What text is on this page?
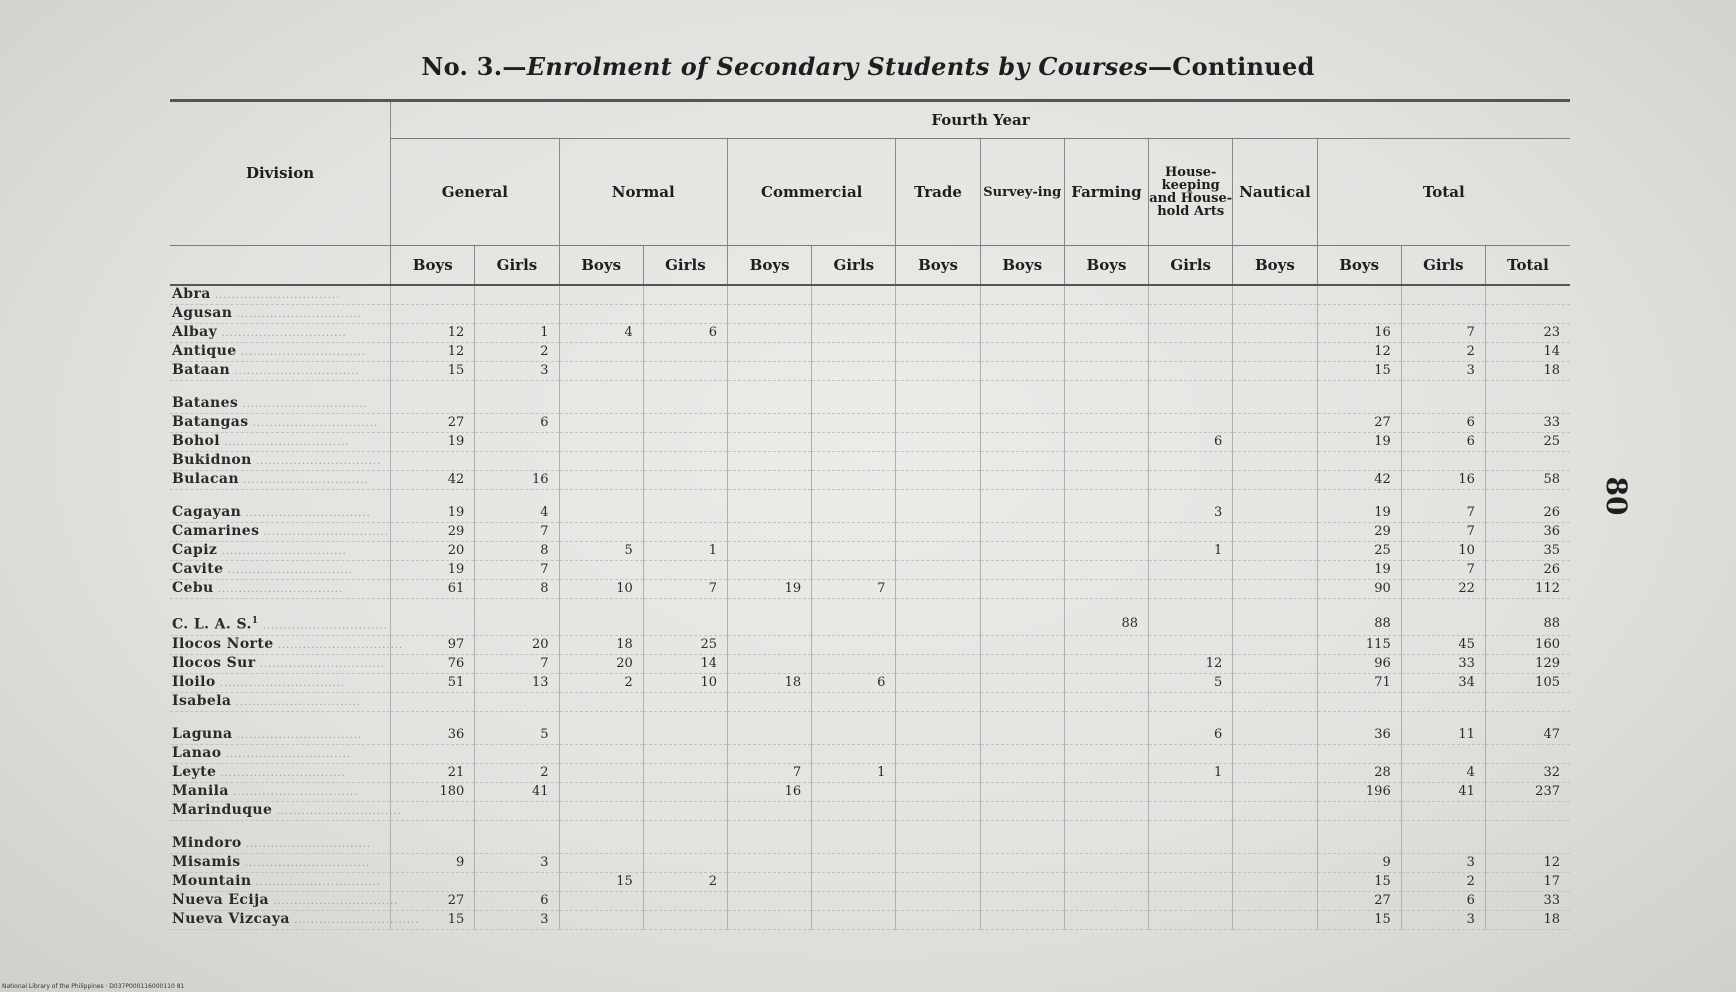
No. 3.—Enrolment of Secondary Students by Courses—Continued
Division	Fourth Year													
	General		Normal		Commercial		Trade	Survey-ing	Farming	House-keeping and House-hold Arts	Nautical	Total		
	Boys	Girls	Boys	Girls	Boys	Girls	Boys	Boys	Boys	Girls	Boys	Boys	Girls	Total
Abra ..............................														
Agusan ..............................														
Albay ..............................	12	1	4	6								16	7	23
Antique ..............................	12	2										12	2	14
Bataan ..............................	15	3										15	3	18

Batanes ..............................														
Batangas ..............................	27	6										27	6	33
Bohol ..............................	19									6		19	6	25
Bukidnon ..............................														
Bulacan ..............................	42	16										42	16	58

Cagayan ..............................	19	4								3		19	7	26
Camarines ..............................	29	7										29	7	36
Capiz ..............................	20	8	5	1						1		25	10	35
Cavite ..............................	19	7										19	7	26
Cebu ..............................	61	8	10	7	19	7						90	22	112

C. L. A. S.$^1$ ..............................									88			88		88
Ilocos Norte ..............................	97	20	18	25								115	45	160
Ilocos Sur ..............................	76	7	20	14						12		96	33	129
Iloilo ..............................	51	13	2	10	18	6				5		71	34	105
Isabela ..............................														

Laguna ..............................	36	5								6		36	11	47
Lanao ..............................														
Leyte ..............................	21	2			7	1				1		28	4	32
Manila ..............................	180	41			16							196	41	237
Marinduque ..............................														

Mindoro ..............................														
Misamis ..............................	9	3										9	3	12
Mountain ..............................			15	2								15	2	17
Nueva Ecija ..............................	27	6										27	6	33
Nueva Vizcaya ..............................	15	3										15	3	18
80
National Library of the Philippines · D037P000116000110 81
